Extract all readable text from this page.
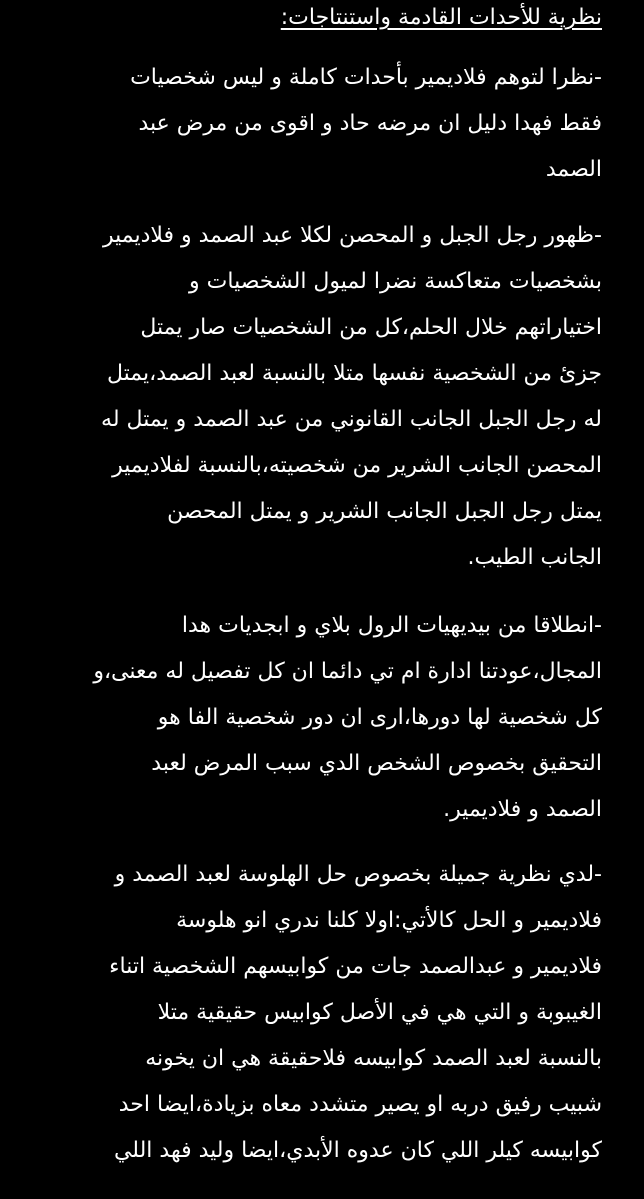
نظرية للأحدات القادمة واستنتاجات:
-نظرا لتوهم فلاديمير بأحدات كاملة و ليس شخصيات
فقط فهدا دليل ان مرضه حاد و اقوى من مرض عبد
الصمد
-ظهور رجل الجبل و المحصن لكلا عبد الصمد و فلاديمير
بشخصيات متعاكسة نضرا لميول الشخصيات و
اختياراتهم خلال الحلم،كل من الشخصيات صار يمتل
جزئ من الشخصية نفسها متلا بالنسبة لعبد الصمد،يمتل
له رجل الجبل الجانب القانوني من عبد الصمد و يمتل له
المحصن الجانب الشرير من شخصيته،بالنسبة لفلاديمير
يمتل رجل الجبل الجانب الشرير و يمتل المحصن
الجانب الطيب.
-انطلاقا من بيديهيات الرول بلاي و ابجديات هدا
المجال،عودتنا ادارة ام تي دائما ان كل تفصيل له معنى،و
كل شخصية لها دورها،ارى ان دور شخصية الفا هو
التحقيق بخصوص الشخص الدي سبب المرض لعبد
الصمد و فلاديمير.
-لدي نظرية جميلة بخصوص حل الهلوسة لعبد الصمد و
فلاديمير و الحل كالأتي:اولا كلنا ندري انو هلوسة
فلاديمير و عبدالصمد جات من كوابيسهم الشخصية اتناء
الغيبوبة و التي هي في الأصل كوابيس حقيقية متلا
بالنسبة لعبد الصمد كوابيسه فلاحقيقة هي ان يخونه
شبيب رفيق دربه او يصير متشدد معاه بزيادة،ايضا احد
كوابيسه كيلر اللي كان عدوه الأبدي،ايضا وليد فهد اللي
